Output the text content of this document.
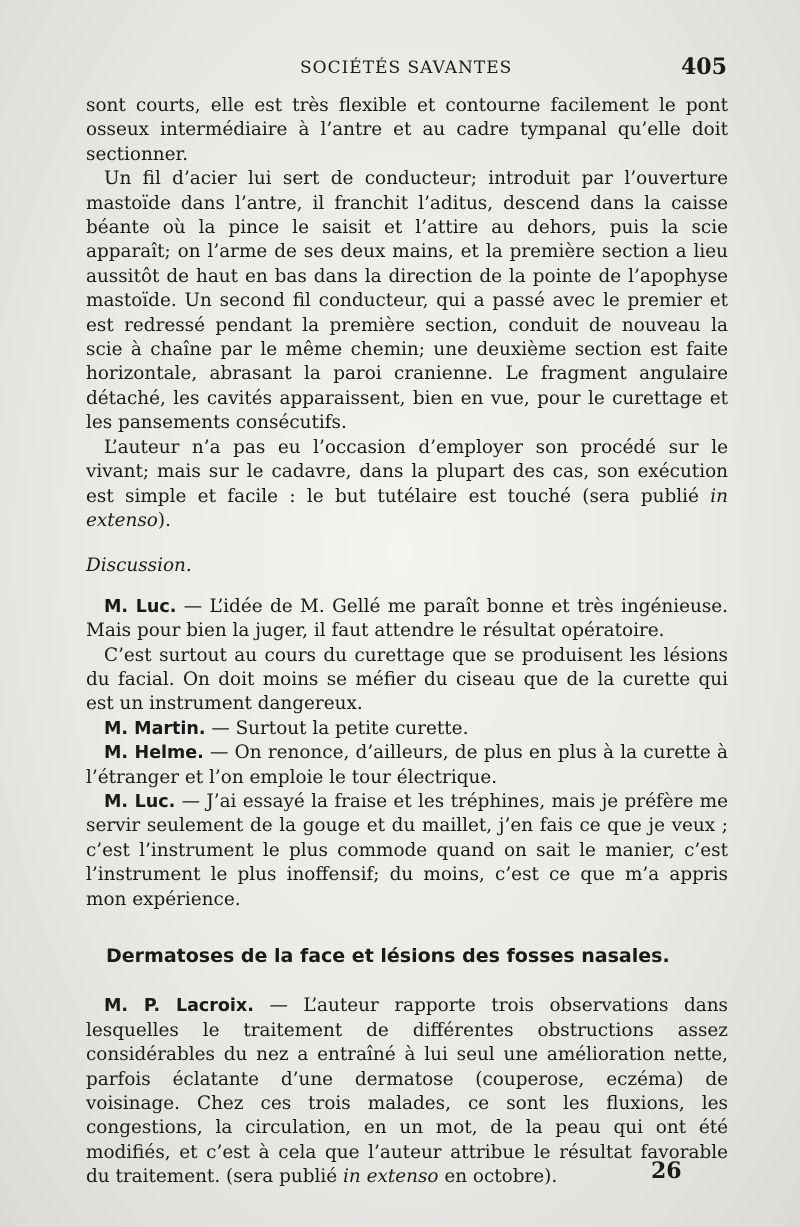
SOCIÉTÉS SAVANTES	405

sont courts, elle est très flexible et contourne facilement le pont osseux intermédiaire à l’antre et au cadre tympanal qu’elle doit sectionner.

Un fil d’acier lui sert de conducteur; introduit par l’ouverture mastoïde dans l’antre, il franchit l’aditus, descend dans la caisse béante où la pince le saisit et l’attire au dehors, puis la scie apparaît; on l’arme de ses deux mains, et la première section a lieu aussitôt de haut en bas dans la direction de la pointe de l’apophyse mastoïde. Un second fil conducteur, qui a passé avec le premier et est redressé pendant la première section, conduit de nouveau la scie à chaîne par le même chemin; une deuxième section est faite horizontale, abrasant la paroi cranienne. Le fragment angulaire détaché, les cavités apparaissent, bien en vue, pour le curettage et les pansements consécutifs.

L’auteur n’a pas eu l’occasion d’employer son procédé sur le vivant; mais sur le cadavre, dans la plupart des cas, son exécution est simple et facile : le but tutélaire est touché (sera publié in extenso).

Discussion.

M. Luc. — L’idée de M. Gellé me paraît bonne et très ingénieuse. Mais pour bien la juger, il faut attendre le résultat opératoire.

C’est surtout au cours du curettage que se produisent les lésions du facial. On doit moins se méfier du ciseau que de la curette qui est un instrument dangereux.

M. Martin. — Surtout la petite curette.

M. Helme. — On renonce, d’ailleurs, de plus en plus à la curette à l’étranger et l’on emploie le tour électrique.

M. Luc. — J’ai essayé la fraise et les tréphines, mais je préfère me servir seulement de la gouge et du maillet, j’en fais ce que je veux ; c’est l’instrument le plus commode quand on sait le manier, c’est l’instrument le plus inoffensif; du moins, c’est ce que m’a appris mon expérience.

Dermatoses de la face et lésions des fosses nasales.

M. P. Lacroix. — L’auteur rapporte trois observations dans lesquelles le traitement de différentes obstructions assez considérables du nez a entraîné à lui seul une amélioration nette, parfois éclatante d’une dermatose (couperose, eczéma) de voisinage. Chez ces trois malades, ce sont les fluxions, les congestions, la circulation, en un mot, de la peau qui ont été modifiés, et c’est à cela que l’auteur attribue le résultat favorable du traitement. (sera publié in extenso en octobre).	26
